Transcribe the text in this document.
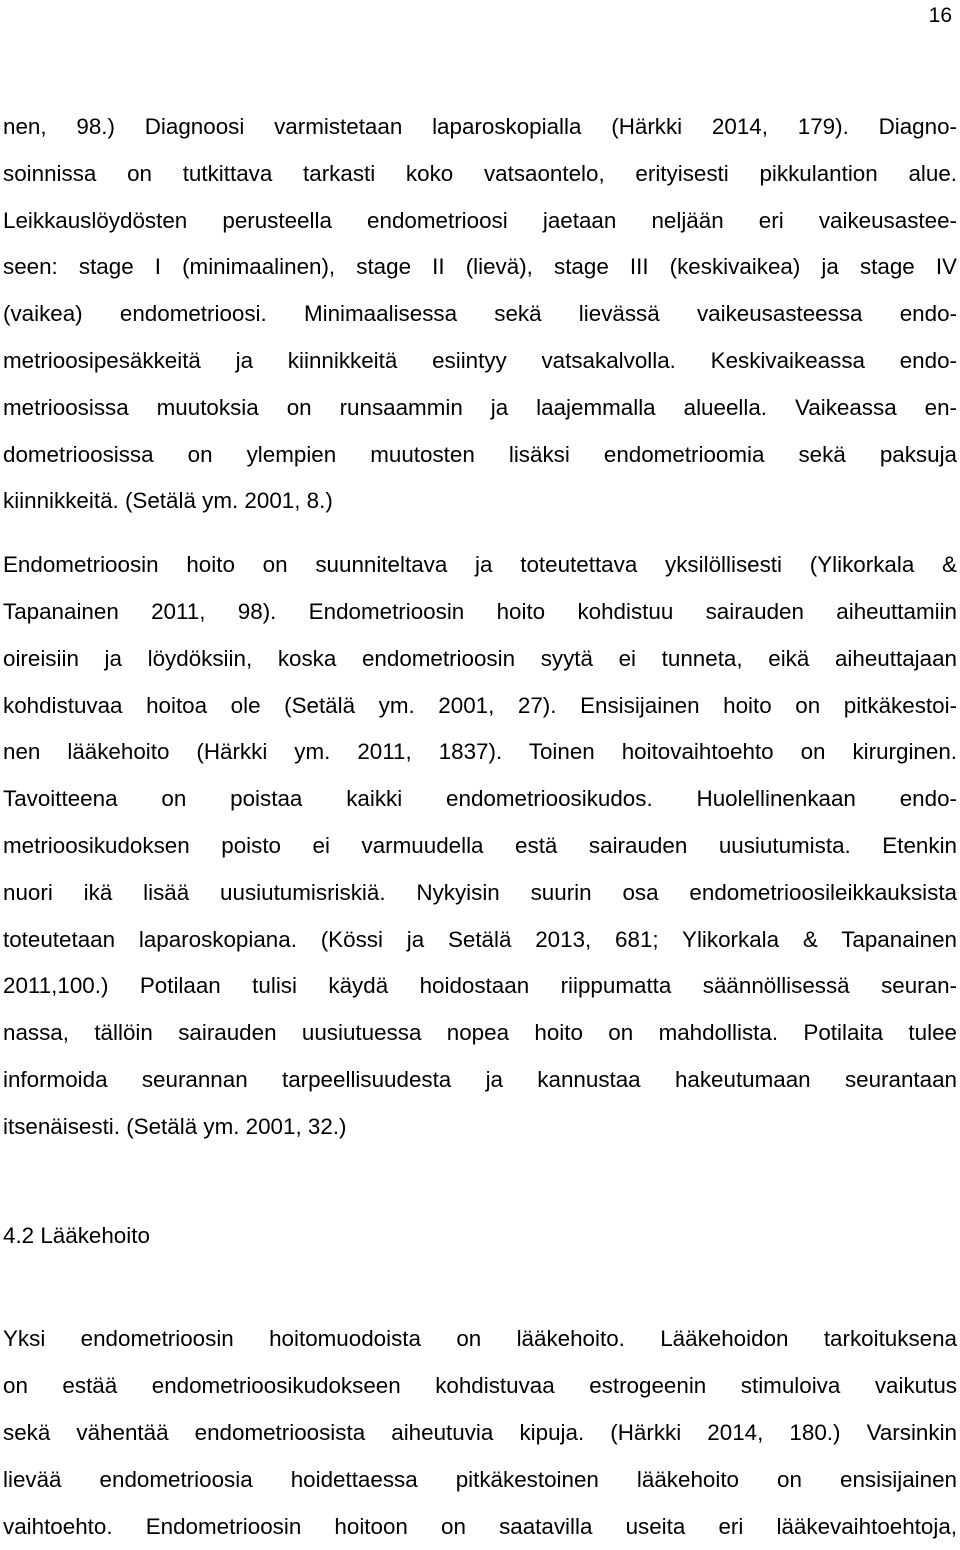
16
nen, 98.) Diagnoosi varmistetaan laparoskopialla (Härkki 2014, 179). Diagno-
soinnissa on tutkittava tarkasti koko vatsaontelo, erityisesti pikkulantion alue.
Leikkauslöydösten perusteella endometrioosi jaetaan neljään eri vaikeusastee-
seen: stage I (minimaalinen), stage II (lievä), stage III (keskivaikea) ja stage IV
(vaikea) endometrioosi. Minimaalisessa sekä lievässä vaikeusasteessa endo-
metrioosipesäkkeitä ja kiinnikkeitä esiintyy vatsakalvolla. Keskivaikeassa endo-
metrioosissa muutoksia on runsaammin ja laajemmalla alueella. Vaikeassa en-
dometrioosissa on ylempien muutosten lisäksi endometrioomia sekä paksuja
kiinnikkeitä. (Setälä ym. 2001, 8.)
Endometrioosin hoito on suunniteltava ja toteutettava yksilöllisesti (Ylikorkala &
Tapanainen 2011, 98). Endometrioosin hoito kohdistuu sairauden aiheuttamiin
oireisiin ja löydöksiin, koska endometrioosin syytä ei tunneta, eikä aiheuttajaan
kohdistuvaa hoitoa ole (Setälä ym. 2001, 27). Ensisijainen hoito on pitkäkestoi-
nen lääkehoito (Härkki ym. 2011, 1837). Toinen hoitovaihtoehto on kirurginen.
Tavoitteena on poistaa kaikki endometrioosikudos. Huolellinenkaan endo-
metrioosikudoksen poisto ei varmuudella estä sairauden uusiutumista. Etenkin
nuori ikä lisää uusiutumisriskiä. Nykyisin suurin osa endometrioosileikkauksista
toteutetaan laparoskopiana. (Kössi ja Setälä 2013, 681; Ylikorkala & Tapanainen
2011,100.) Potilaan tulisi käydä hoidostaan riippumatta säännöllisessä seuran-
nassa, tällöin sairauden uusiutuessa nopea hoito on mahdollista. Potilaita tulee
informoida seurannan tarpeellisuudesta ja kannustaa hakeutumaan seurantaan
itsenäisesti. (Setälä ym. 2001, 32.)
4.2 Lääkehoito
Yksi endometrioosin hoitomuodoista on lääkehoito. Lääkehoidon tarkoituksena
on estää endometrioosikudokseen kohdistuvaa estrogeenin stimuloiva vaikutus
sekä vähentää endometrioosista aiheutuvia kipuja. (Härkki 2014, 180.) Varsinkin
lievää endometrioosia hoidettaessa pitkäkestoinen lääkehoito on ensisijainen
vaihtoehto. Endometrioosin hoitoon on saatavilla useita eri lääkevaihtoehtoja,
